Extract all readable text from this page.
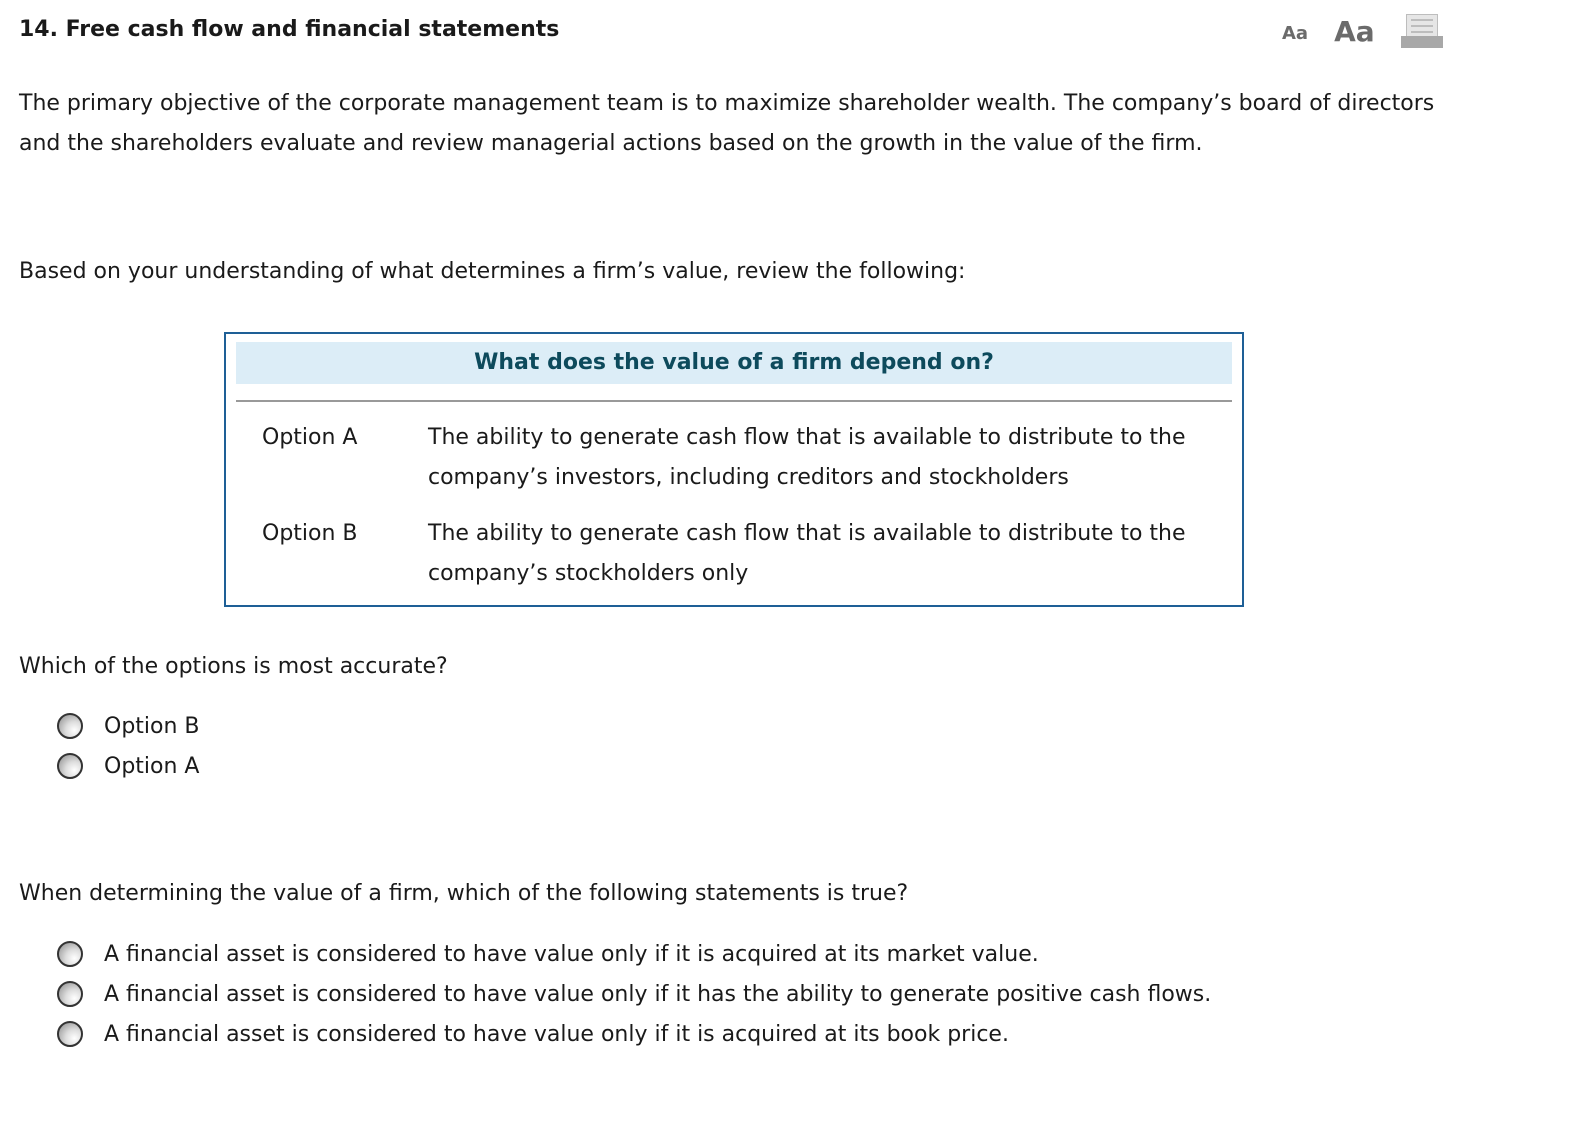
14. Free cash flow and financial statements	Aa Aa

The primary objective of the corporate management team is to maximize shareholder wealth. The company’s board of directors and the shareholders evaluate and review managerial actions based on the growth in the value of the firm.

Based on your understanding of what determines a firm’s value, review the following:

What does the value of a firm depend on?
Option A	The ability to generate cash flow that is available to distribute to the company’s investors, including creditors and stockholders
Option B	The ability to generate cash flow that is available to distribute to the company’s stockholders only

Which of the options is most accurate?

Option B
Option A

When determining the value of a firm, which of the following statements is true?

A financial asset is considered to have value only if it is acquired at its market value.
A financial asset is considered to have value only if it has the ability to generate positive cash flows.
A financial asset is considered to have value only if it is acquired at its book price.
